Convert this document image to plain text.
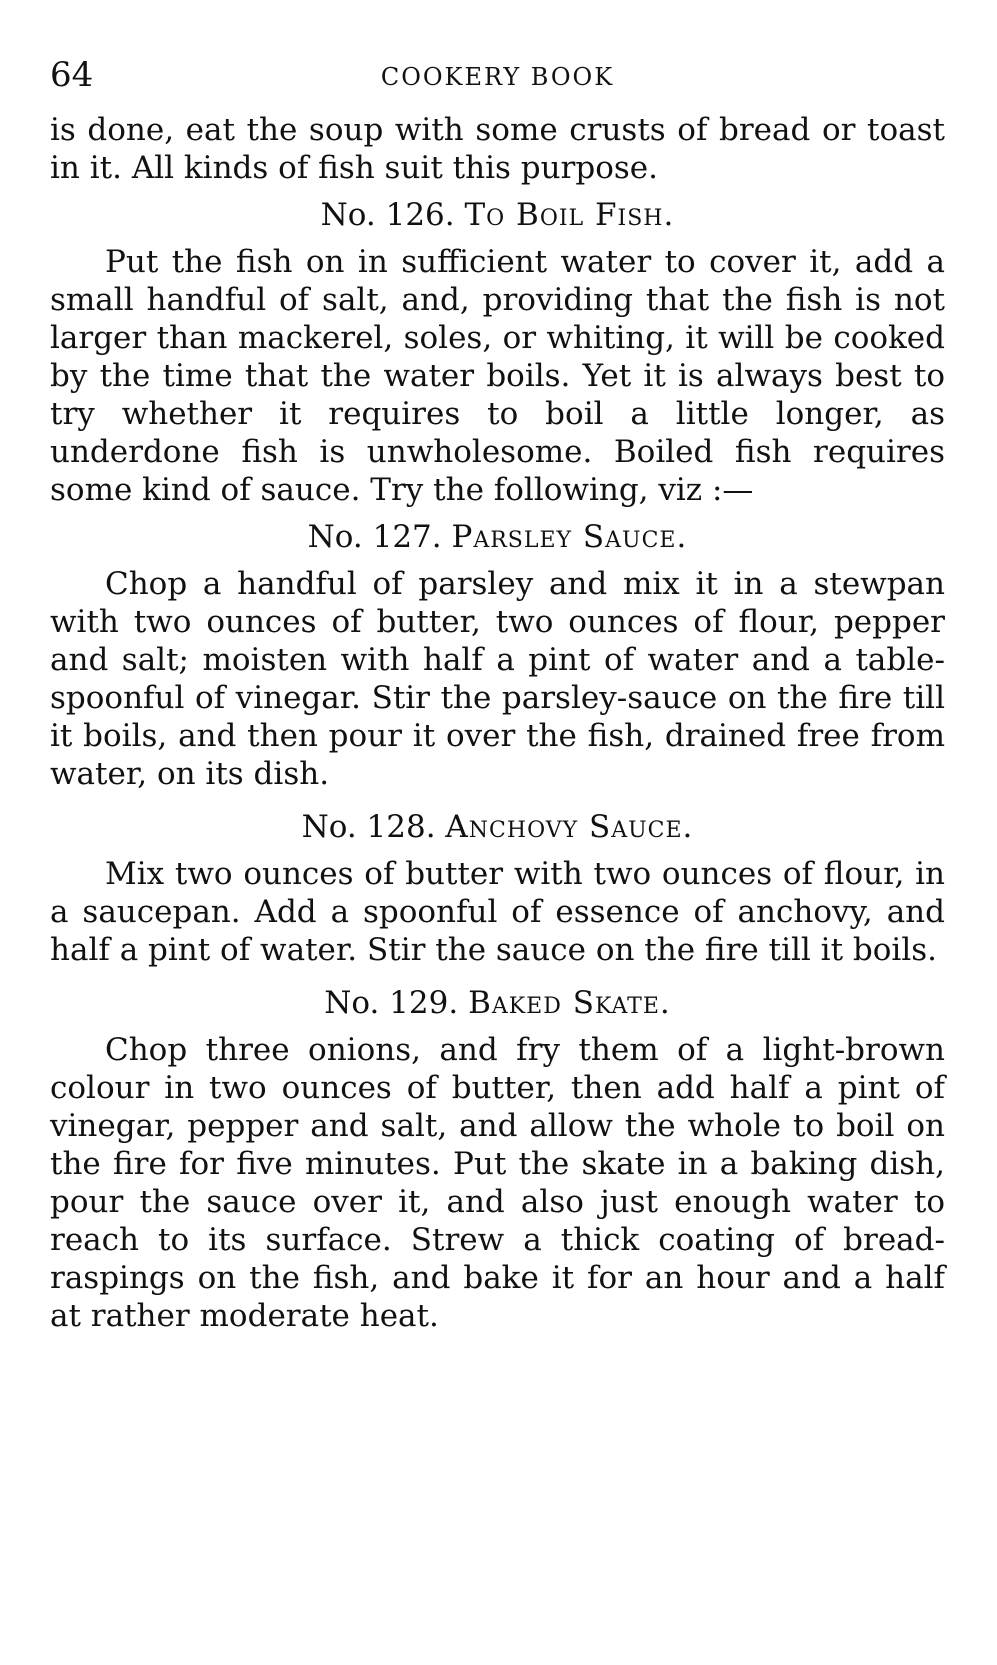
64	COOKERY BOOK

is done, eat the soup with some crusts of bread or toast in it. All kinds of fish suit this purpose.

No. 126. To Boil Fish.

Put the fish on in sufficient water to cover it, add a small handful of salt, and, providing that the fish is not larger than mackerel, soles, or whiting, it will be cooked by the time that the water boils. Yet it is always best to try whether it requires to boil a little longer, as underdone fish is unwholesome. Boiled fish requires some kind of sauce. Try the following, viz :—

No. 127. Parsley Sauce.

Chop a handful of parsley and mix it in a stewpan with two ounces of butter, two ounces of flour, pepper and salt; moisten with half a pint of water and a table-spoonful of vinegar. Stir the parsley-sauce on the fire till it boils, and then pour it over the fish, drained free from water, on its dish.

No. 128. Anchovy Sauce.

Mix two ounces of butter with two ounces of flour, in a saucepan. Add a spoonful of essence of anchovy, and half a pint of water. Stir the sauce on the fire till it boils.

No. 129. Baked Skate.

Chop three onions, and fry them of a light-brown colour in two ounces of butter, then add half a pint of vinegar, pepper and salt, and allow the whole to boil on the fire for five minutes. Put the skate in a baking dish, pour the sauce over it, and also just enough water to reach to its surface. Strew a thick coating of bread-raspings on the fish, and bake it for an hour and a half at rather moderate heat.
